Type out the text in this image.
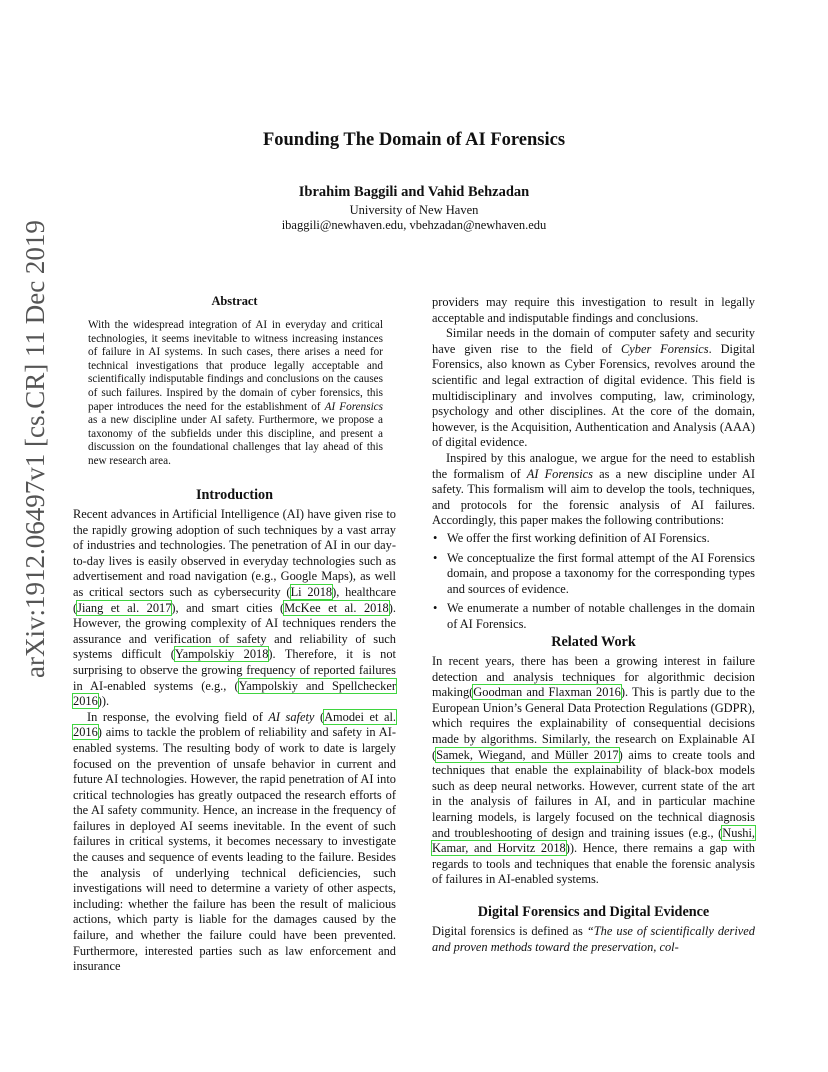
arXiv:1912.06497v1 [cs.CR] 11 Dec 2019
Founding The Domain of AI Forensics
Ibrahim Baggili and Vahid Behzadan
University of New Haven
ibaggili@newhaven.edu, vbehzadan@newhaven.edu
Abstract

With the widespread integration of AI in everyday and critical technologies, it seems inevitable to witness increasing instances of failure in AI systems. In such cases, there arises a need for technical investigations that produce legally acceptable and scientifically indisputable findings and conclusions on the causes of such failures. Inspired by the domain of cyber forensics, this paper introduces the need for the establishment of AI Forensics as a new discipline under AI safety. Furthermore, we propose a taxonomy of the subfields under this discipline, and present a discussion on the foundational challenges that lay ahead of this new research area.

Introduction

Recent advances in Artificial Intelligence (AI) have given rise to the rapidly growing adoption of such techniques by a vast array of industries and technologies. The penetration of AI in our day-to-day lives is easily observed in everyday technologies such as advertisement and road navigation (e.g., Google Maps), as well as critical sectors such as cybersecurity (Li 2018), healthcare (Jiang et al. 2017), and smart cities (McKee et al. 2018). However, the growing complexity of AI techniques renders the assurance and verification of safety and reliability of such systems difficult (Yampolskiy 2018). Therefore, it is not surprising to observe the growing frequency of reported failures in AI-enabled systems (e.g., (Yampolskiy and Spellchecker 2016)).

In response, the evolving field of AI safety (Amodei et al. 2016) aims to tackle the problem of reliability and safety in AI-enabled systems. The resulting body of work to date is largely focused on the prevention of unsafe behavior in current and future AI technologies. However, the rapid penetration of AI into critical technologies has greatly outpaced the research efforts of the AI safety community. Hence, an increase in the frequency of failures in deployed AI seems inevitable. In the event of such failures in critical systems, it becomes necessary to investigate the causes and sequence of events leading to the failure. Besides the analysis of underlying technical deficiencies, such investigations will need to determine a variety of other aspects, including: whether the failure has been the result of malicious actions, which party is liable for the damages caused by the failure, and whether the failure could have been prevented. Furthermore, interested parties such as law enforcement and insurance

providers may require this investigation to result in legally acceptable and indisputable findings and conclusions.

Similar needs in the domain of computer safety and security have given rise to the field of Cyber Forensics. Digital Forensics, also known as Cyber Forensics, revolves around the scientific and legal extraction of digital evidence. This field is multidisciplinary and involves computing, law, criminology, psychology and other disciplines. At the core of the domain, however, is the Acquisition, Authentication and Analysis (AAA) of digital evidence.

Inspired by this analogue, we argue for the need to establish the formalism of AI Forensics as a new discipline under AI safety. This formalism will aim to develop the tools, techniques, and protocols for the forensic analysis of AI failures. Accordingly, this paper makes the following contributions:

• We offer the first working definition of AI Forensics.
• We conceptualize the first formal attempt of the AI Forensics domain, and propose a taxonomy for the corresponding types and sources of evidence.
• We enumerate a number of notable challenges in the domain of AI Forensics.
Related Work

In recent years, there has been a growing interest in failure detection and analysis techniques for algorithmic decision making(Goodman and Flaxman 2016). This is partly due to the European Union’s General Data Protection Regulations (GDPR), which requires the explainability of consequential decisions made by algorithms. Similarly, the research on Explainable AI (Samek, Wiegand, and Müller 2017) aims to create tools and techniques that enable the explainability of black-box models such as deep neural networks. However, current state of the art in the analysis of failures in AI, and in particular machine learning models, is largely focused on the technical diagnosis and troubleshooting of design and training issues (e.g., (Nushi, Kamar, and Horvitz 2018)). Hence, there remains a gap with regards to tools and techniques that enable the forensic analysis of failures in AI-enabled systems.

Digital Forensics and Digital Evidence

Digital forensics is defined as “The use of scientifically derived and proven methods toward the preservation, col-
